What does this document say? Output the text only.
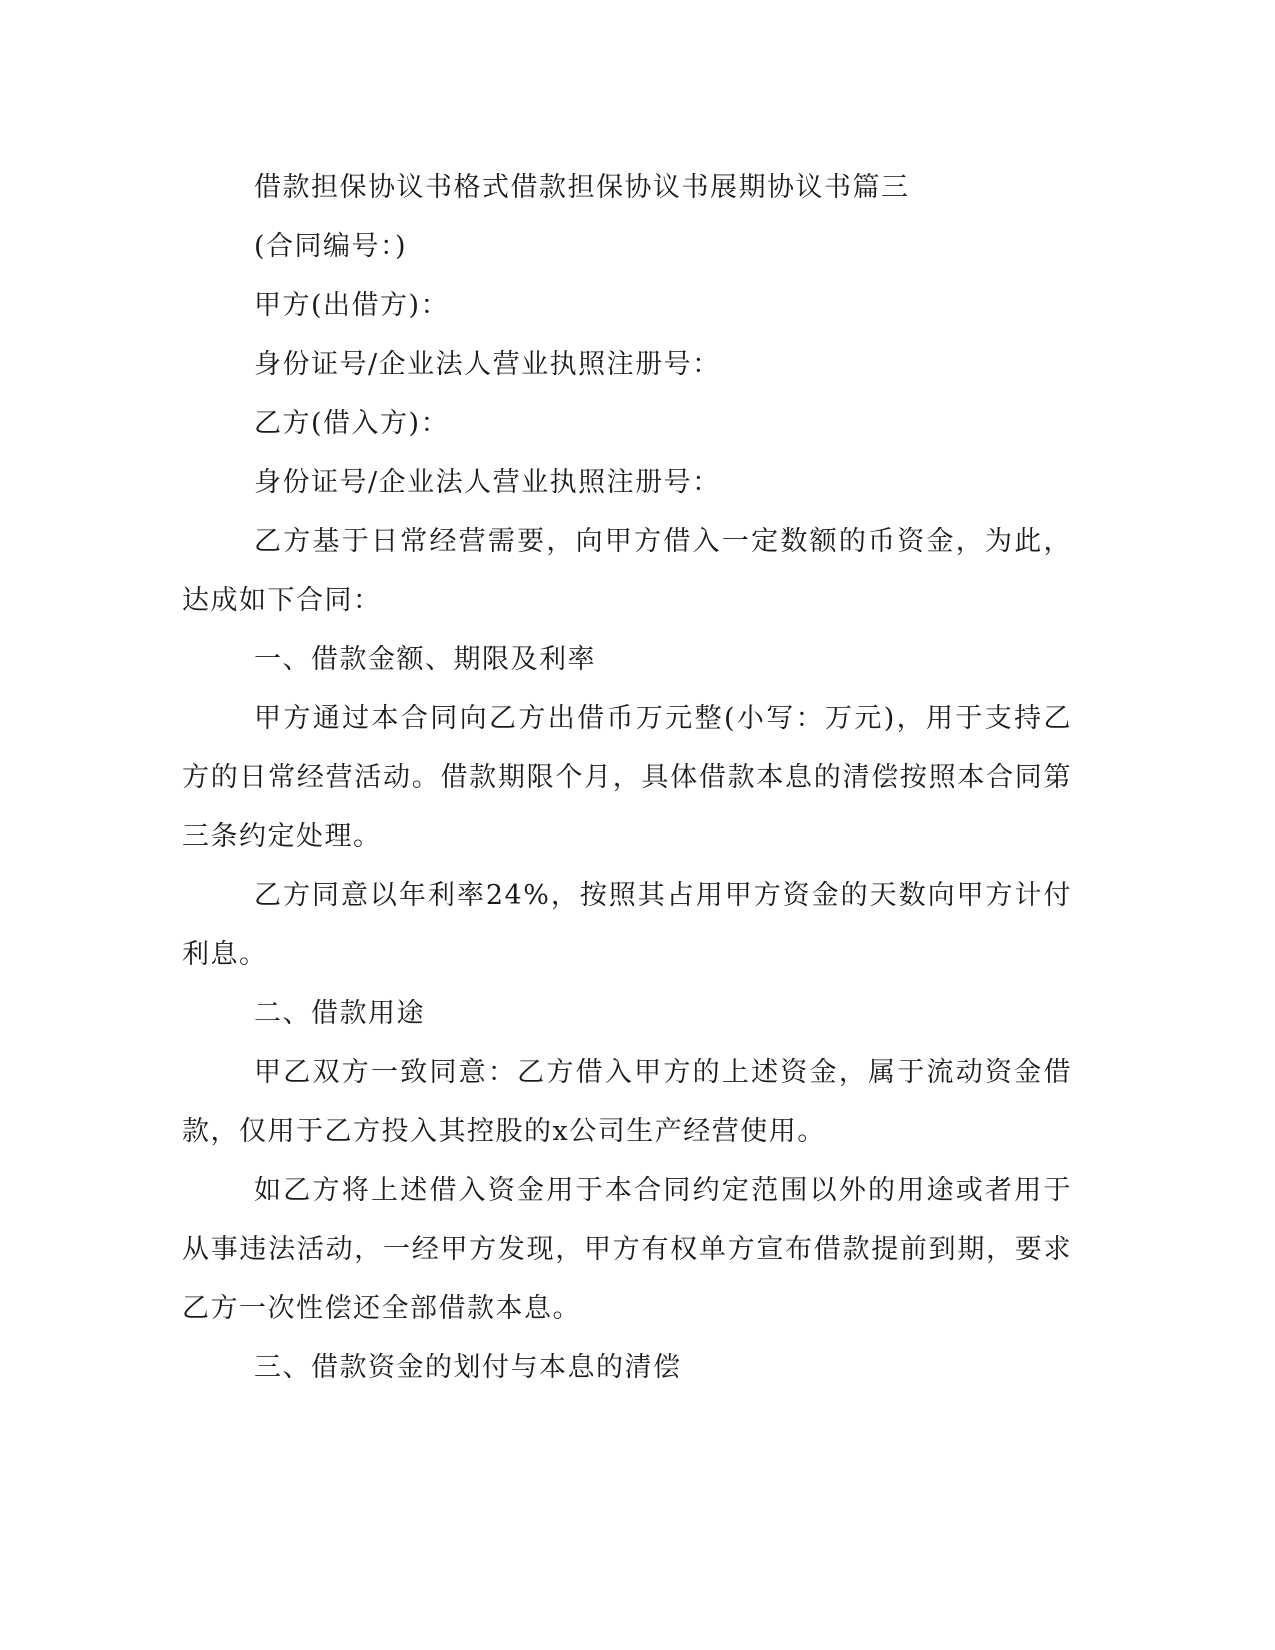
借款担保协议书格式借款担保协议书展期协议书篇三

(合同编号：)

甲方(出借方)：

身份证号/企业法人营业执照注册号：

乙方(借入方)：

身份证号/企业法人营业执照注册号：

乙方基于日常经营需要，向甲方借入一定数额的币资金，为此，达成如下合同：

一、借款金额、期限及利率

甲方通过本合同向乙方出借币万元整(小写：万元)，用于支持乙方的日常经营活动。借款期限个月，具体借款本息的清偿按照本合同第三条约定处理。

乙方同意以年利率24%，按照其占用甲方资金的天数向甲方计付利息。

二、借款用途

甲乙双方一致同意：乙方借入甲方的上述资金，属于流动资金借款，仅用于乙方投入其控股的x公司生产经营使用。

如乙方将上述借入资金用于本合同约定范围以外的用途或者用于从事违法活动，一经甲方发现，甲方有权单方宣布借款提前到期，要求乙方一次性偿还全部借款本息。

三、借款资金的划付与本息的清偿
